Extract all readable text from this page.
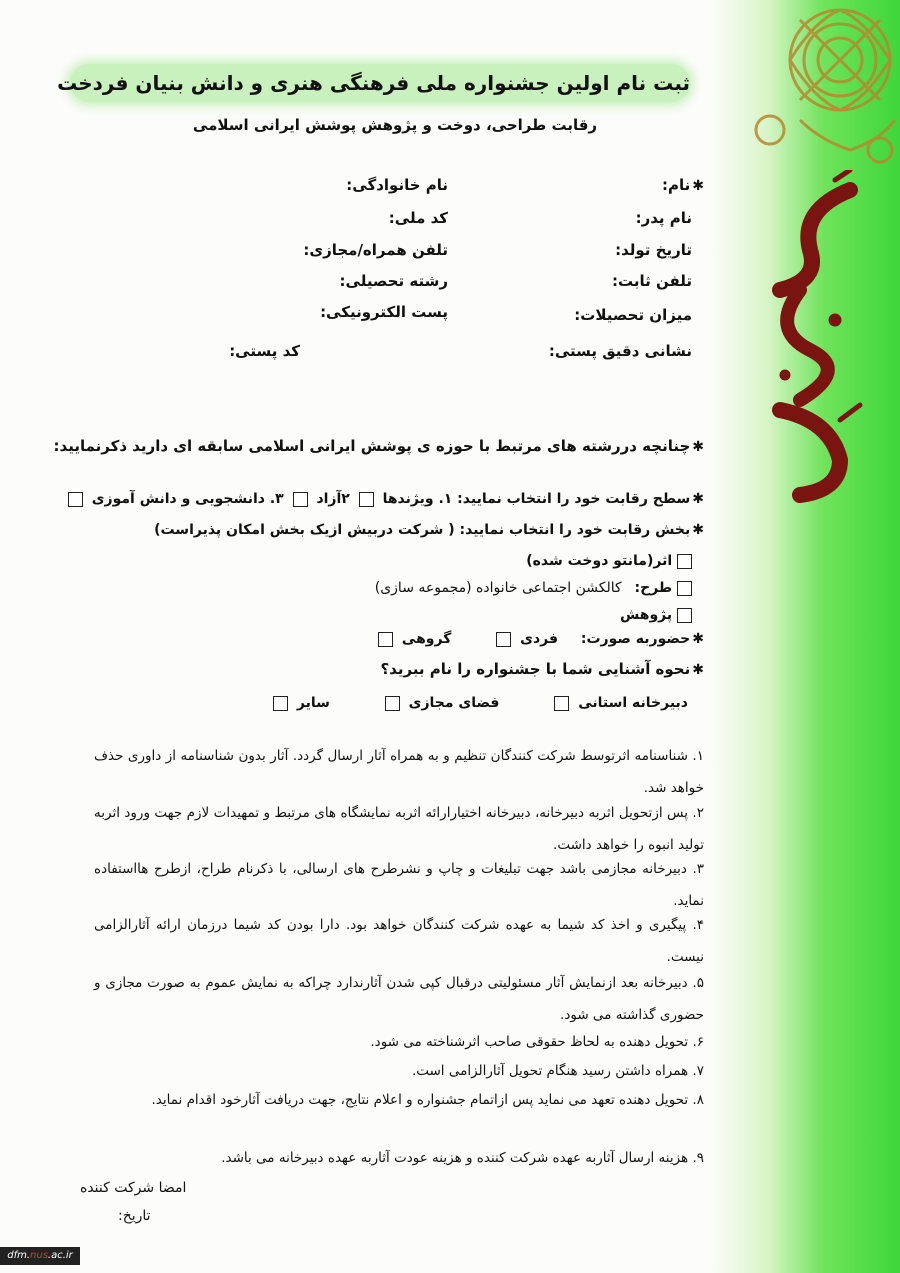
ثبت نام اولین جشنواره ملی فرهنگی هنری و دانش بنیان فردخت
رقابت طراحی، دوخت و پژوهش پوشش ایرانی اسلامی
✱نام:
نام خانوادگی:
نام پدر:
کد ملی:
تاریخ تولد:
تلفن همراه/مجازی:
تلفن ثابت:
رشته تحصیلی:
میزان تحصیلات:
پست الکترونیکی:
نشانی دقیق پستی:
کد پستی:
✱چنانچه دررشته های مرتبط با حوزه ی پوشش ایرانی اسلامی سابقه ای دارید ذکرنمایید:
✱سطح رقابت خود را انتخاب نمایید: ۱. ویژندها  ۲آزاد  ۳. دانشجویی و دانش آموزی
✱بخش رقابت خود را انتخاب نمایید: ( شرکت دربیش ازیک بخش امکان پذیراست)
اثر(مانتو دوخت شده)
طرح: کالکشن اجتماعی خانواده (مجموعه سازی)
پژوهش
✱حضوربه صورت: فردی  گروهی
✱نحوه آشنایی شما با جشنواره را نام ببرید؟
دبیرخانه استانی  فضای مجازی  سایر
۱. شناسنامه اثرتوسط شرکت کنندگان تنظیم و به همراه آثار ارسال گردد. آثار بدون شناسنامه از داوری حذف خواهد شد.
۲. پس ازتحویل اثربه دبیرخانه، دبیرخانه اختیارارائه اثربه نمایشگاه های مرتبط و تمهیدات لازم جهت ورود اثربه تولید انبوه را خواهد داشت.
۳. دبیرخانه مجازمی باشد جهت تبلیغات و چاپ و نشرطرح های ارسالی، با ذکرنام طراح، ازطرح هااستفاده نماید.
۴. پیگیری و اخذ کد شیما به عهده شرکت کنندگان خواهد بود. دارا بودن کد شیما درزمان ارائه آثارالزامی نیست.
۵. دبیرخانه بعد ازنمایش آثار مسئولیتی درقبال کپی شدن آثارندارد چراکه به نمایش عموم به صورت مجازی و حضوری گذاشته می شود.
۶. تحویل دهنده به لحاظ حقوقی صاحب اثرشناخته می شود.
۷. همراه داشتن رسید هنگام تحویل آثارالزامی است.
۸. تحویل دهنده تعهد می نماید پس ازاتمام جشنواره و اعلام نتایج، جهت دریافت آثارخود اقدام نماید.
۹. هزینه ارسال آثاربه عهده شرکت کننده و هزینه عودت آثاربه عهده دبیرخانه می باشد.
امضا شرکت کننده
تاریخ:
dfm.nus.ac.ir
